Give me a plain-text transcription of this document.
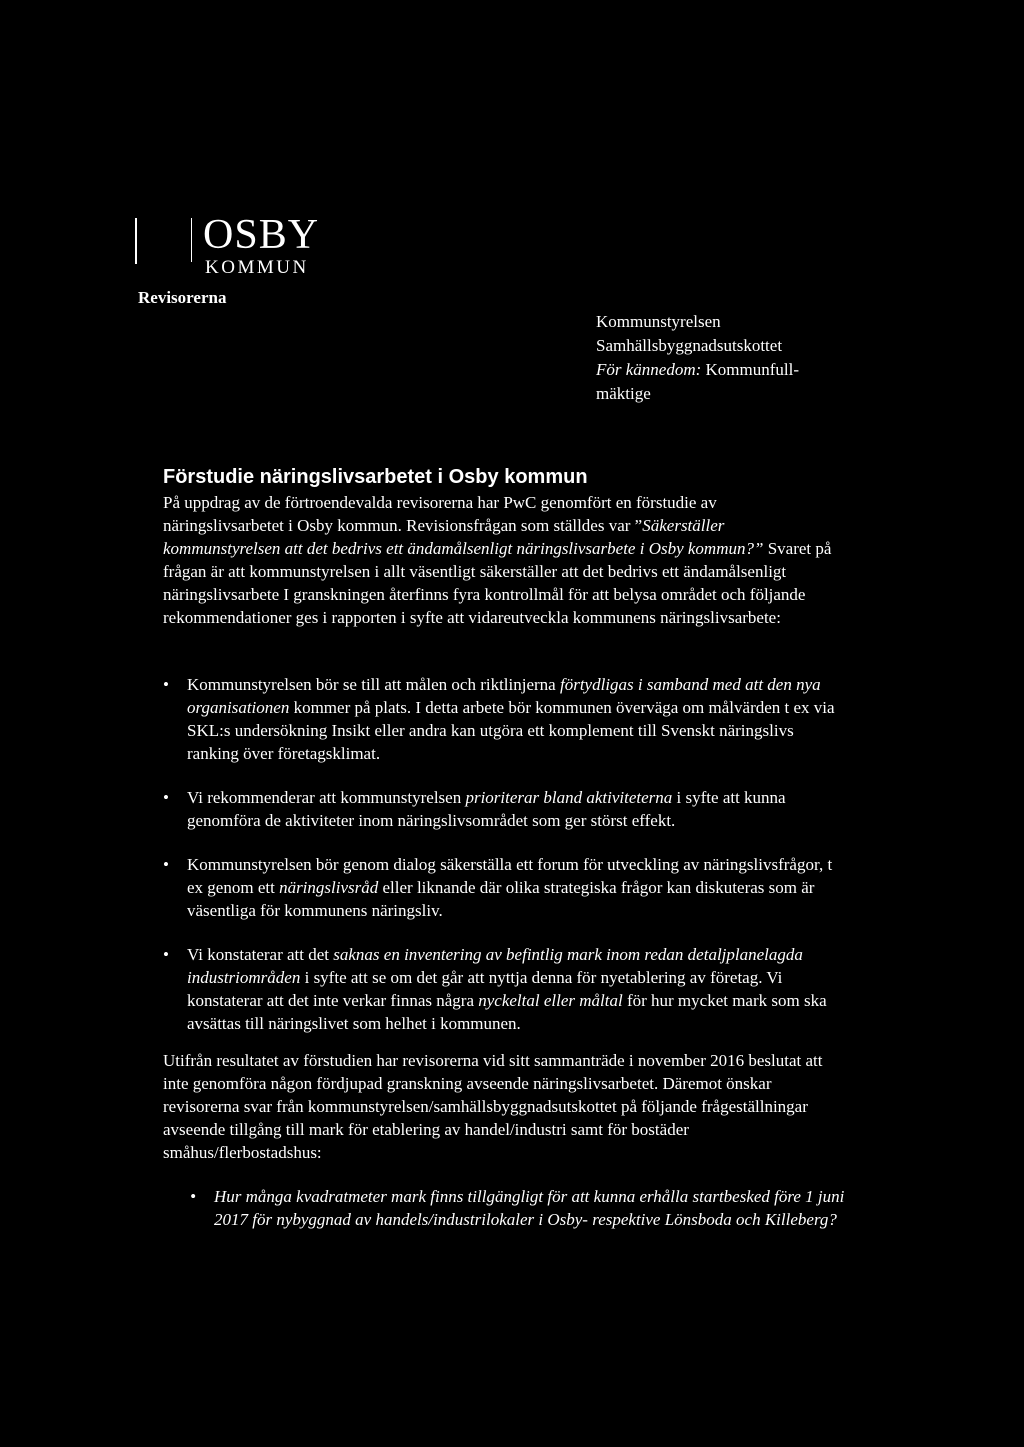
OSBY
KOMMUN
Revisorerna
Kommunstyrelsen
Samhällsbyggnadsutskottet
För kännedom: Kommunfull-mäktige
Förstudie näringslivsarbetet i Osby kommun
På uppdrag av de förtroendevalda revisorerna har PwC genomfört en förstudie av näringslivsarbetet i Osby kommun. Revisionsfrågan som ställdes var ”Säkerställer kommunstyrelsen att det bedrivs ett ändamålsenligt näringslivsarbete i Osby kommun?” Svaret på frågan är att kommunstyrelsen i allt väsentligt säkerställer att det bedrivs ett ändamålsenligt näringslivsarbete I granskningen återfinns fyra kontrollmål för att belysa området och följande rekommendationer ges i rapporten i syfte att vidareutveckla kommunens näringslivsarbete:
• Kommunstyrelsen bör se till att målen och riktlinjerna förtydligas i samband med att den nya organisationen kommer på plats. I detta arbete bör kommunen överväga om målvärden t ex via SKL:s undersökning Insikt eller andra kan utgöra ett komplement till Svenskt näringslivs ranking över företagsklimat.
• Vi rekommenderar att kommunstyrelsen prioriterar bland aktiviteterna i syfte att kunna genomföra de aktiviteter inom näringslivsområdet som ger störst effekt.
• Kommunstyrelsen bör genom dialog säkerställa ett forum för utveckling av näringslivsfrågor, t ex genom ett näringslivsråd eller liknande där olika strategiska frågor kan diskuteras som är väsentliga för kommunens näringsliv.
• Vi konstaterar att det saknas en inventering av befintlig mark inom redan detaljplanelagda industriområden i syfte att se om det går att nyttja denna för nyetablering av företag. Vi konstaterar att det inte verkar finnas några nyckeltal eller måltal för hur mycket mark som ska avsättas till näringslivet som helhet i kommunen.
Utifrån resultatet av förstudien har revisorerna vid sitt sammanträde i november 2016 beslutat att inte genomföra någon fördjupad granskning avseende näringslivsarbetet. Däremot önskar revisorerna svar från kommunstyrelsen/samhällsbyggnadsutskottet på följande frågeställningar avseende tillgång till mark för etablering av handel/industri samt för bostäder småhus/flerbostadshus:
• Hur många kvadratmeter mark finns tillgängligt för att kunna erhålla startbesked före 1 juni 2017 för nybyggnad av handels/industrilokaler i Osby- respektive Lönsboda och Killeberg?
